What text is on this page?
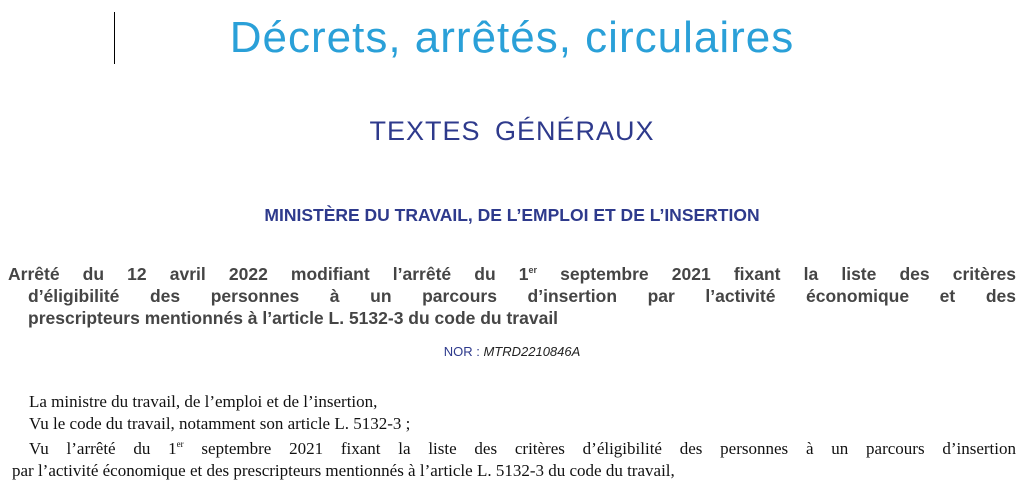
Décrets, arrêtés, circulaires
TEXTES GÉNÉRAUX
MINISTÈRE DU TRAVAIL, DE L’EMPLOI ET DE L’INSERTION
Arrêté du 12 avril 2022 modifiant l’arrêté du 1er septembre 2021 fixant la liste des critères
d’éligibilité des personnes à un parcours d’insertion par l’activité économique et des
prescripteurs mentionnés à l’article L. 5132-3 du code du travail
NOR : MTRD2210846A

La ministre du travail, de l’emploi et de l’insertion,

Vu le code du travail, notamment son article L. 5132-3 ;

Vu l’arrêté du 1er septembre 2021 fixant la liste des critères d’éligibilité des personnes à un parcours d’insertion

par l’activité économique et des prescripteurs mentionnés à l’article L. 5132-3 du code du travail,
